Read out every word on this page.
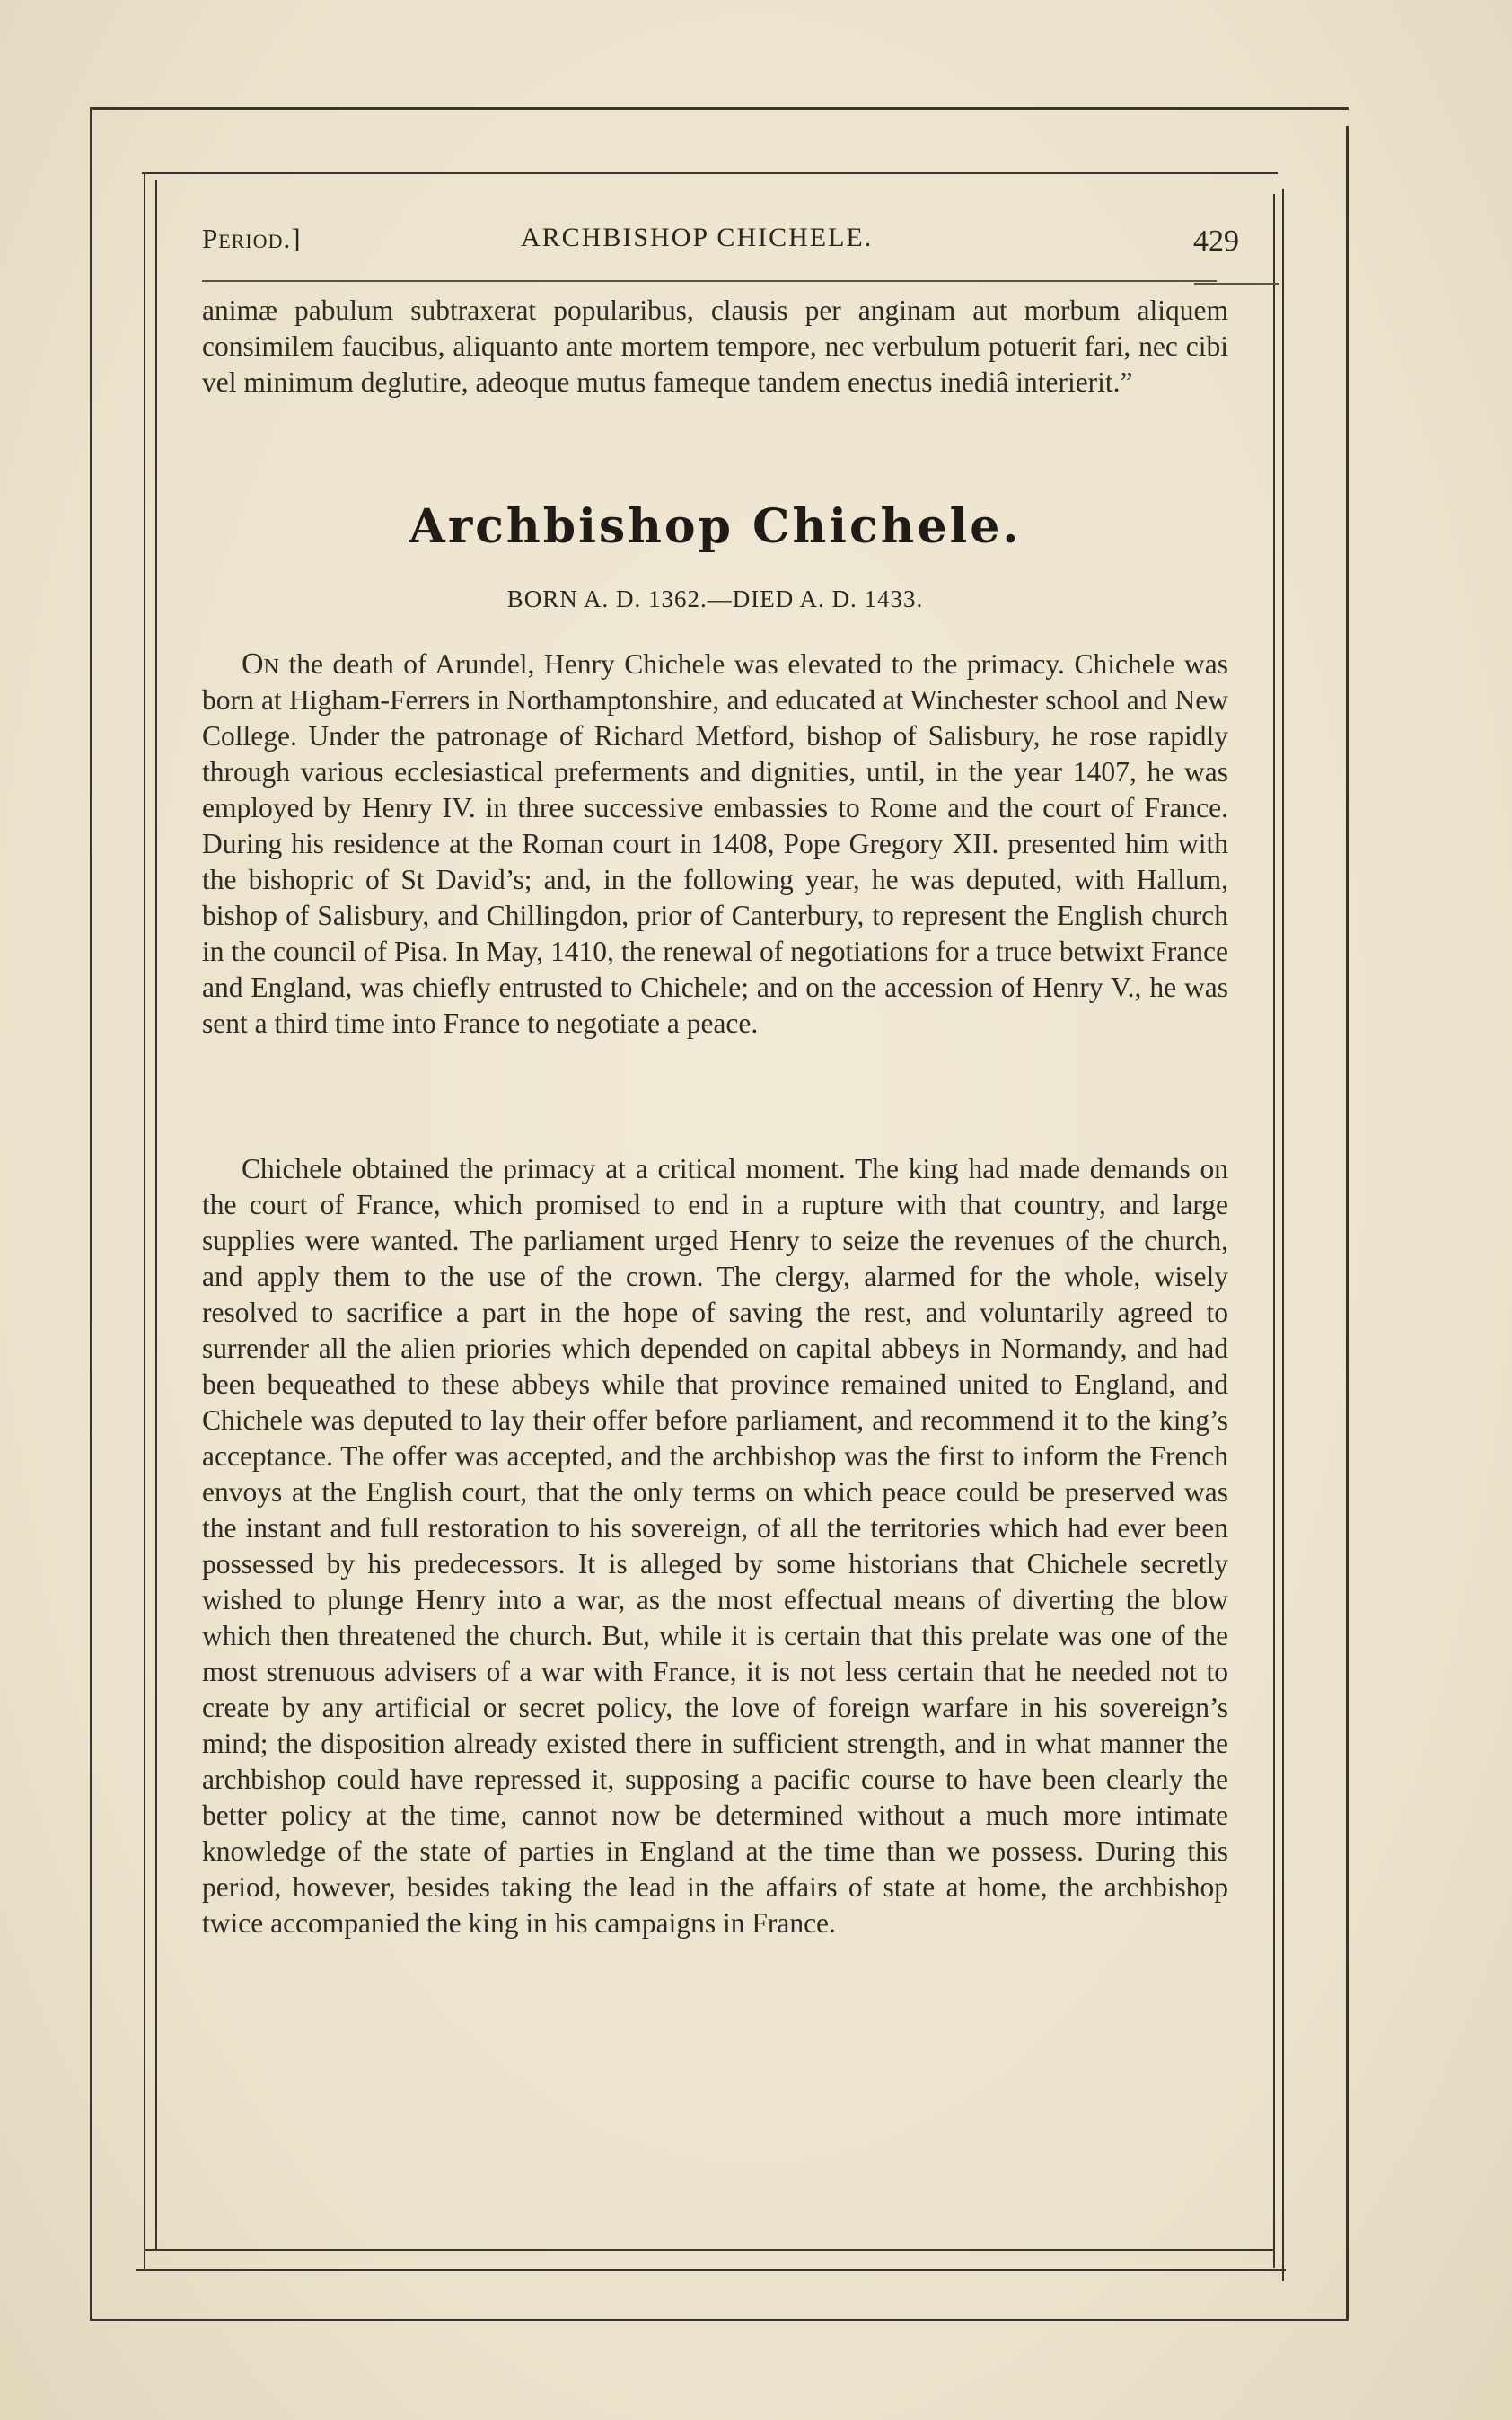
Period.]	ARCHBISHOP CHICHELE.	429

animæ pabulum subtraxerat popularibus, clausis per anginam aut morbum aliquem consimilem faucibus, aliquanto ante mortem tempore, nec verbulum potuerit fari, nec cibi vel minimum deglutire, adeoque mutus fameque tandem enectus inediâ interierit.”

Archbishop Chichele.
BORN A. D. 1362.—DIED A. D. 1433.

On the death of Arundel, Henry Chichele was elevated to the primacy. Chichele was born at Higham-Ferrers in Northamptonshire, and educated at Winchester school and New College. Under the patronage of Richard Metford, bishop of Salisbury, he rose rapidly through various ecclesiastical preferments and dignities, until, in the year 1407, he was employed by Henry IV. in three successive embassies to Rome and the court of France. During his residence at the Roman court in 1408, Pope Gregory XII. presented him with the bishopric of St David’s; and, in the following year, he was deputed, with Hallum, bishop of Salisbury, and Chillingdon, prior of Canterbury, to represent the English church in the council of Pisa. In May, 1410, the renewal of negotiations for a truce betwixt France and England, was chiefly entrusted to Chichele; and on the accession of Henry V., he was sent a third time into France to negotiate a peace.

Chichele obtained the primacy at a critical moment. The king had made demands on the court of France, which promised to end in a rupture with that country, and large supplies were wanted. The parliament urged Henry to seize the revenues of the church, and apply them to the use of the crown. The clergy, alarmed for the whole, wisely resolved to sacrifice a part in the hope of saving the rest, and voluntarily agreed to surrender all the alien priories which depended on capital abbeys in Normandy, and had been bequeathed to these abbeys while that province remained united to England, and Chichele was deputed to lay their offer before parliament, and recommend it to the king’s acceptance. The offer was accepted, and the archbishop was the first to inform the French envoys at the English court, that the only terms on which peace could be preserved was the instant and full restoration to his sovereign, of all the territories which had ever been possessed by his predecessors. It is alleged by some historians that Chichele secretly wished to plunge Henry into a war, as the most effectual means of diverting the blow which then threatened the church. But, while it is certain that this prelate was one of the most strenuous advisers of a war with France, it is not less certain that he needed not to create by any artificial or secret policy, the love of foreign warfare in his sovereign’s mind; the disposition already existed there in sufficient strength, and in what manner the archbishop could have repressed it, supposing a pacific course to have been clearly the better policy at the time, cannot now be determined without a much more intimate knowledge of the state of parties in England at the time than we possess. During this period, however, besides taking the lead in the affairs of state at home, the archbishop twice accompanied the king in his campaigns in France.
